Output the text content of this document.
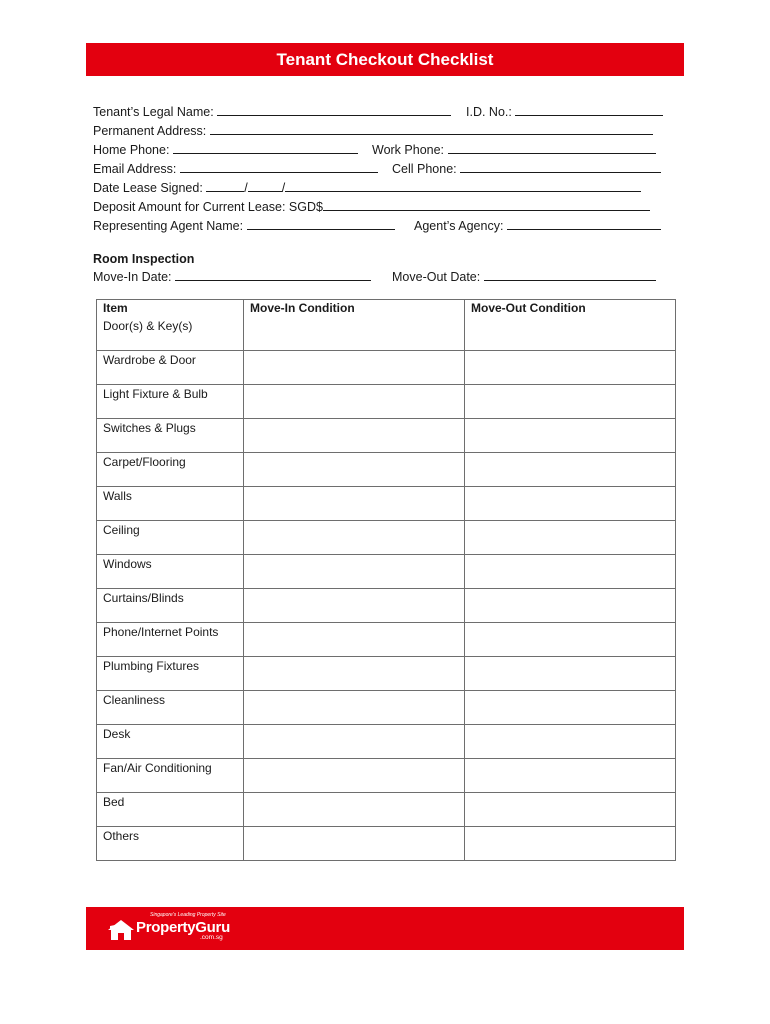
Tenant Checkout Checklist
Tenant’s Legal Name:	I.D. No.:
Permanent Address:
Home Phone:	Work Phone:
Email Address:	Cell Phone:
Date Lease Signed:	/	/
Deposit Amount for Current Lease: SGD$
Representing Agent Name:	Agent’s Agency:
Room Inspection
Move-In Date:	Move-Out Date:
Item	Move-In Condition	Move-Out Condition
Door(s) & Key(s)		
Wardrobe & Door		
Light Fixture & Bulb		
Switches & Plugs		
Carpet/Flooring		
Walls		
Ceiling		
Windows		
Curtains/Blinds		
Phone/Internet Points		
Plumbing Fixtures		
Cleanliness		
Desk		
Fan/Air Conditioning		
Bed		
Others		
Singapore's Leading Property Site
PropertyGuru
.com.sg
